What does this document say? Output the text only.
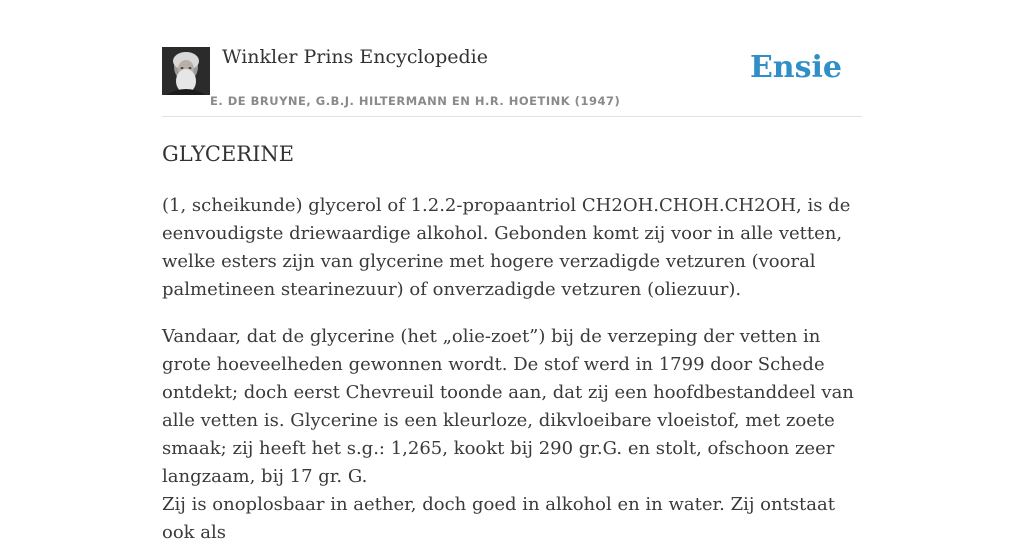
Winkler Prins Encyclopedie
E. DE BRUYNE, G.B.J. HILTERMANN EN H.R. HOETINK (1947)
Ensie
GLYCERINE

(1, scheikunde) glycerol of 1.2.2-propaantriol CH2OH.CHOH.CH2OH, is de eenvoudigste driewaardige alkohol. Gebonden komt zij voor in alle vetten, welke esters zijn van glycerine met hogere verzadigde vetzuren (vooral palmetineen stearinezuur) of onverzadigde vetzuren (oliezuur).

Vandaar, dat de glycerine (het „olie-zoet”) bij de verzeping der vetten in grote hoeveelheden gewonnen wordt. De stof werd in 1799 door Schede ontdekt; doch eerst Chevreuil toonde aan, dat zij een hoofdbestanddeel van alle vetten is. Glycerine is een kleurloze, dikvloeibare vloeistof, met zoete smaak; zij heeft het s.g.: 1,265, kookt bij 290 gr.G. en stolt, ofschoon zeer langzaam, bij 17 gr. G.

Zij is onoplosbaar in aether, doch goed in alkohol en in water. Zij ontstaat ook als
